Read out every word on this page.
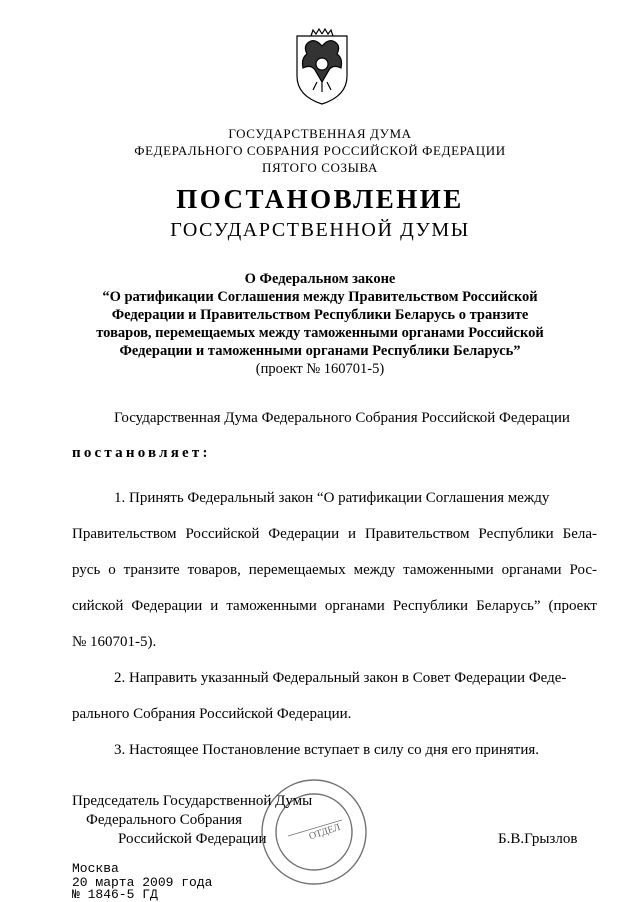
ГОСУДАРСТВЕННАЯ ДУМА
ФЕДЕРАЛЬНОГО СОБРАНИЯ РОССИЙСКОЙ ФЕДЕРАЦИИ
ПЯТОГО СОЗЫВА
ПОСТАНОВЛЕНИЕ
ГОСУДАРСТВЕННОЙ ДУМЫ
О Федеральном законе
“О ратификации Соглашения между Правительством Российской
Федерации и Правительством Республики Беларусь о транзите
товаров, перемещаемых между таможенными органами Российской
Федерации и таможенными органами Республики Беларусь”
(проект № 160701-5)
Государственная Дума Федерального Собрания Российской Федерации
постановляет:
1. Принять Федеральный закон “О ратификации Соглашения между
Правительством Российской Федерации и Правительством Республики Бела-
русь о транзите товаров, перемещаемых между таможенными органами Рос-
сийской Федерации и таможенными органами Республики Беларусь” (проект
№ 160701-5).
2. Направить указанный Федеральный закон в Совет Федерации Феде-
рального Собрания Российской Федерации.
3. Настоящее Постановление вступает в силу со дня его принятия.
ОТДЕЛ
Председатель Государственной Думы
Федерального Собрания
Российской Федерации	Б.В.Грызлов
Москва
20 марта 2009 года
№ 1846-5 ГД
